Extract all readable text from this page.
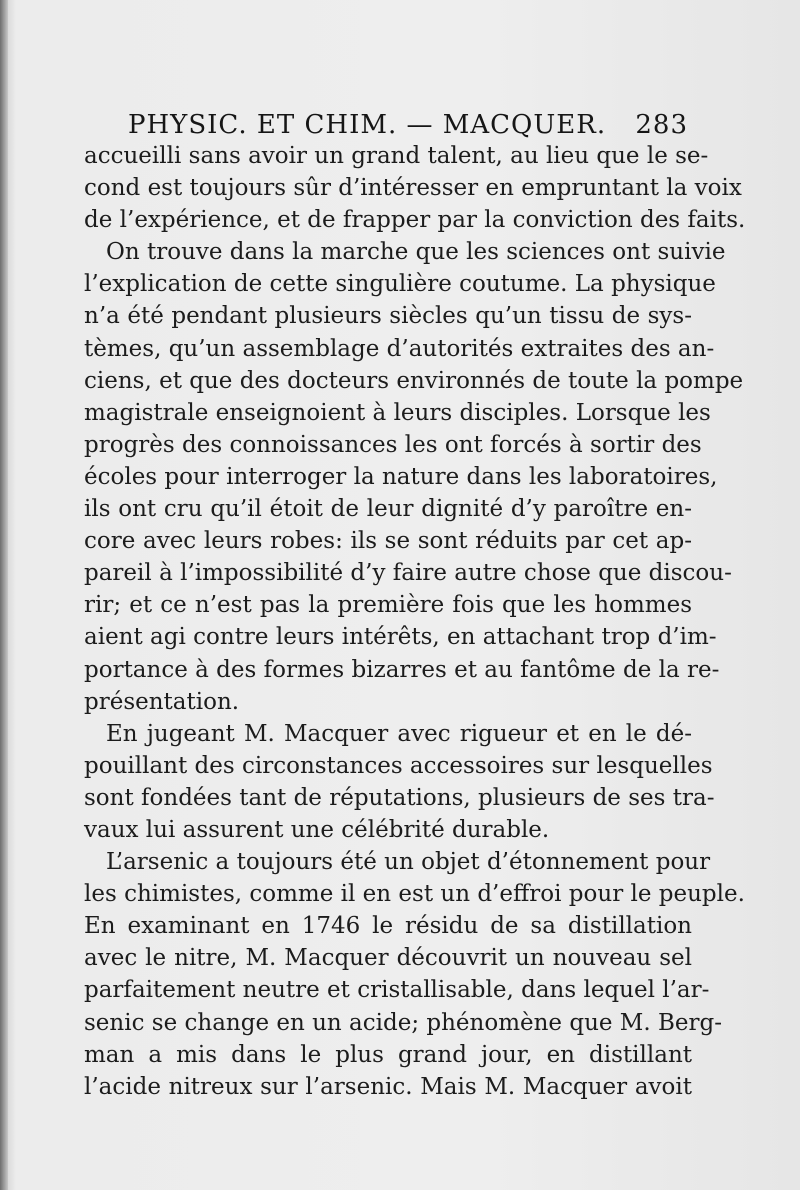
PHYSIC. ET CHIM. — MACQUER. 283
accueilli sans avoir un grand talent, au lieu que le se-
cond est toujours sûr d’intéresser en empruntant la voix
de l’expérience, et de frapper par la conviction des faits.
On trouve dans la marche que les sciences ont suivie
l’explication de cette singulière coutume. La physique
n’a été pendant plusieurs siècles qu’un tissu de sys-
tèmes, qu’un assemblage d’autorités extraites des an-
ciens, et que des docteurs environnés de toute la pompe
magistrale enseignoient à leurs disciples. Lorsque les
progrès des connoissances les ont forcés à sortir des
écoles pour interroger la nature dans les laboratoires,
ils ont cru qu’il étoit de leur dignité d’y paroître en-
core avec leurs robes: ils se sont réduits par cet ap-
pareil à l’impossibilité d’y faire autre chose que discou-
rir; et ce n’est pas la première fois que les hommes
aient agi contre leurs intérêts, en attachant trop d’im-
portance à des formes bizarres et au fantôme de la re-
présentation.
En jugeant M. Macquer avec rigueur et en le dé-
pouillant des circonstances accessoires sur lesquelles
sont fondées tant de réputations, plusieurs de ses tra-
vaux lui assurent une célébrité durable.
L’arsenic a toujours été un objet d’étonnement pour
les chimistes, comme il en est un d’effroi pour le peuple.
En examinant en 1746 le résidu de sa distillation
avec le nitre, M. Macquer découvrit un nouveau sel
parfaitement neutre et cristallisable, dans lequel l’ar-
senic se change en un acide; phénomène que M. Berg-
man a mis dans le plus grand jour, en distillant
l’acide nitreux sur l’arsenic. Mais M. Macquer avoit
